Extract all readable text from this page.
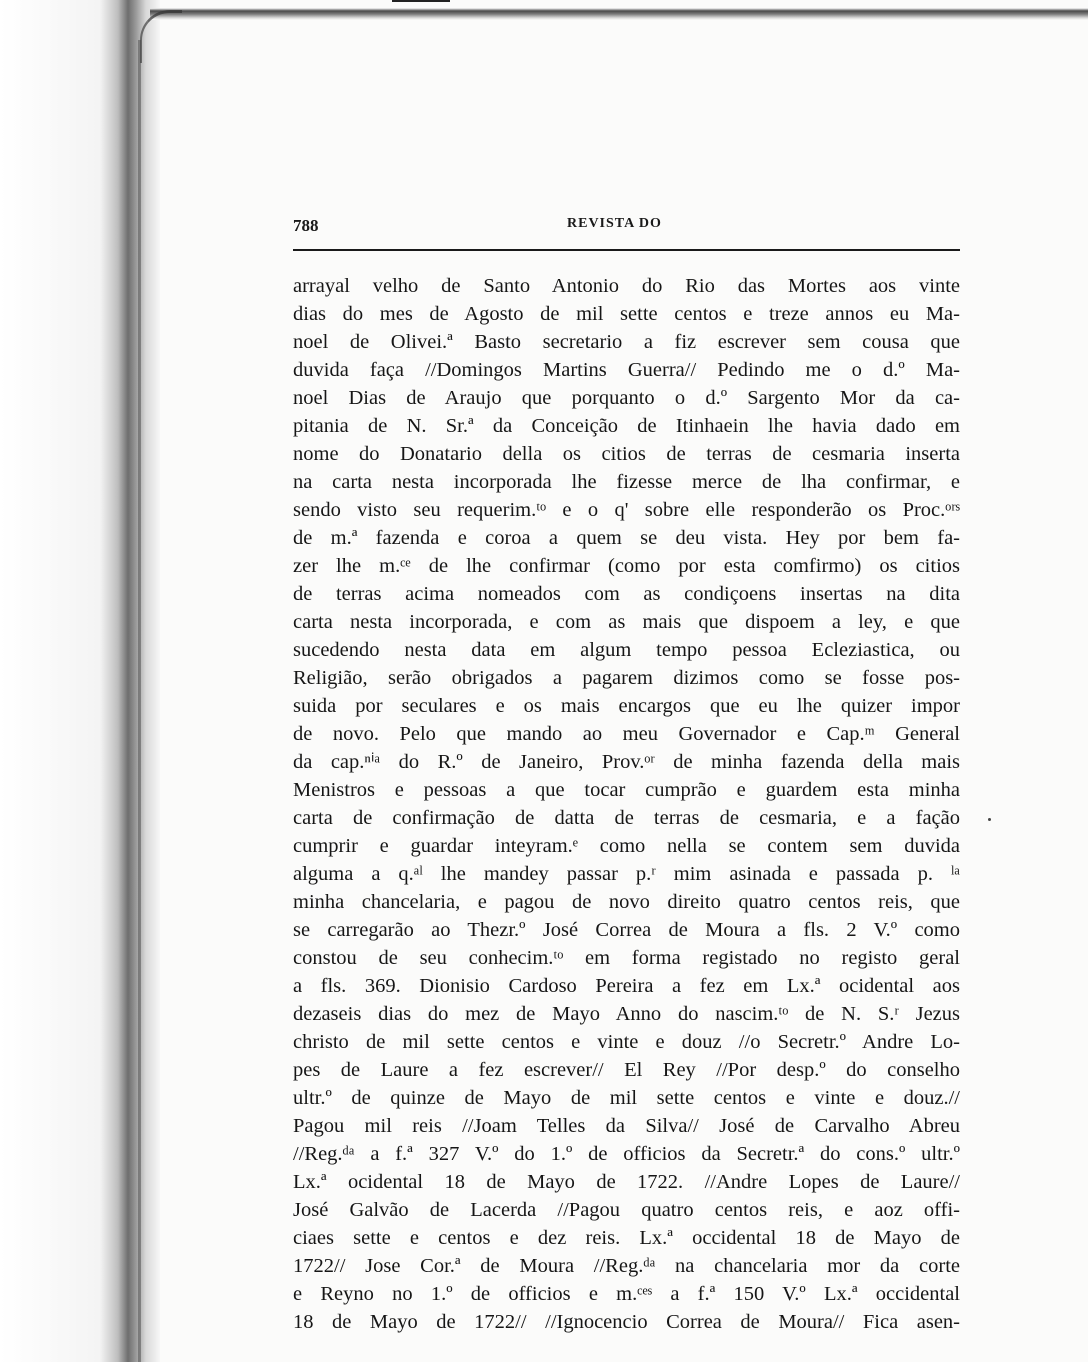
788	REVISTA DO
arrayal velho de Santo Antonio do Rio das Mortes aos vinte
dias do mes de Agosto de mil sette centos e treze annos eu Ma-
noel de Olivei.ª Basto secretario a fiz escrever sem cousa que
duvida faça //Domingos Martins Guerra// Pedindo me o d.º Ma-
noel Dias de Araujo que porquanto o d.º Sargento Mor da ca-
pitania de N. Sr.ª da Conceição de Itinhaein lhe havia dado em
nome do Donatario della os citios de terras de cesmaria inserta
na carta nesta incorporada lhe fizesse merce de lha confirmar, e
sendo visto seu requerim.ᵗᵒ e o q' sobre elle responderão os Proc.ᵒʳˢ
de m.ª fazenda e coroa a quem se deu vista. Hey por bem fa-
zer lhe m.ᶜᵉ de lhe confirmar (como por esta comfirmo) os citios
de terras acima nomeados com as condiçoens insertas na dita
carta nesta incorporada, e com as mais que dispoem a ley, e que
sucedendo nesta data em algum tempo pessoa Ecleziastica, ou
Religião, serão obrigados a pagarem dizimos como se fosse pos-
suida por seculares e os mais encargos que eu lhe quizer impor
de novo. Pelo que mando ao meu Governador e Cap.ᵐ General
da cap.ⁿⁱᵃ do R.º de Janeiro, Prov.ᵒʳ de minha fazenda della mais
Menistros e pessoas a que tocar cumprão e guardem esta minha
carta de confirmação de datta de terras de cesmaria, e a fação
cumprir e guardar inteyram.ᵉ como nella se contem sem duvida
alguma a q.ᵃˡ lhe mandey passar p.ʳ mim asinada e passada p. ˡᵃ
minha chancelaria, e pagou de novo direito quatro centos reis, que
se carregarão ao Thezr.º José Correa de Moura a fls. 2 V.º como
constou de seu conhecim.ᵗᵒ em forma registado no registo geral
a fls. 369. Dionisio Cardoso Pereira a fez em Lx.ª ocidental aos
dezaseis dias do mez de Mayo Anno do nascim.ᵗᵒ de N. S.ʳ Jezus
christo de mil sette centos e vinte e douz //o Secretr.º Andre Lo-
pes de Laure a fez escrever// El Rey //Por desp.º do conselho
ultr.º de quinze de Mayo de mil sette centos e vinte e douz.//
Pagou mil reis //Joam Telles da Silva// José de Carvalho Abreu
//Reg.ᵈᵃ a f.ª 327 V.º do 1.º de officios da Secretr.ª do cons.º ultr.º
Lx.ª ocidental 18 de Mayo de 1722. //Andre Lopes de Laure//
José Galvão de Lacerda //Pagou quatro centos reis, e aoz offi-
ciaes sette e centos e dez reis. Lx.ª occidental 18 de Mayo de
1722// Jose Cor.ª de Moura //Reg.ᵈᵃ na chancelaria mor da corte
e Reyno no 1.º de officios e m.ᶜᵉˢ a f.ª 150 V.º Lx.ª occidental
18 de Mayo de 1722// //Ignocencio Correa de Moura// Fica asen-
